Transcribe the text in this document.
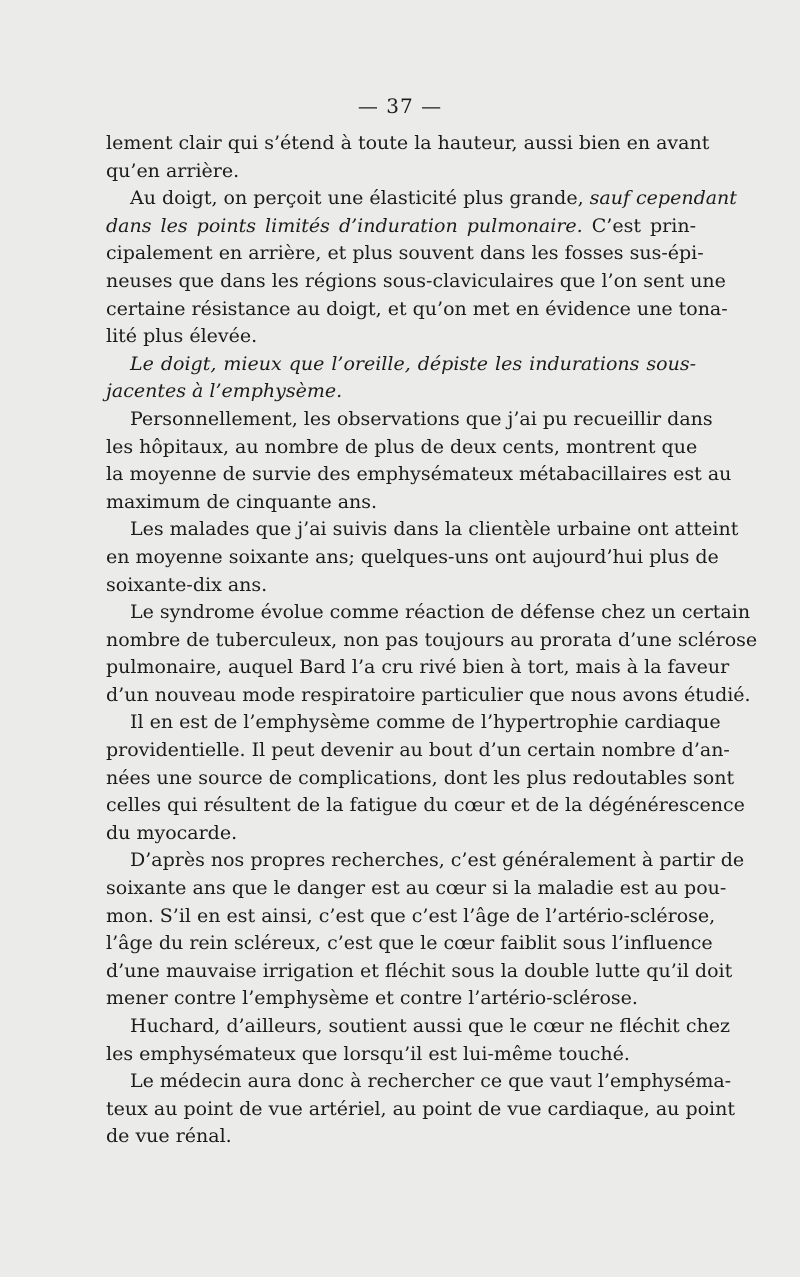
— 37 —
lement clair qui s’étend à toute la hauteur, aussi bien en avant
qu’en arrière.
Au doigt, on perçoit une élasticité plus grande, sauf cependant
dans les points limités d’induration pulmonaire. C’est prin-
cipalement en arrière, et plus souvent dans les fosses sus-épi-
neuses que dans les régions sous-claviculaires que l’on sent une
certaine résistance au doigt, et qu’on met en évidence une tona-
lité plus élevée.
Le doigt, mieux que l’oreille, dépiste les indurations sous-
jacentes à l’emphysème.
Personnellement, les observations que j’ai pu recueillir dans
les hôpitaux, au nombre de plus de deux cents, montrent que
la moyenne de survie des emphysémateux métabacillaires est au
maximum de cinquante ans.
Les malades que j’ai suivis dans la clientèle urbaine ont atteint
en moyenne soixante ans; quelques-uns ont aujourd’hui plus de
soixante-dix ans.
Le syndrome évolue comme réaction de défense chez un certain
nombre de tuberculeux, non pas toujours au prorata d’une sclérose
pulmonaire, auquel Bard l’a cru rivé bien à tort, mais à la faveur
d’un nouveau mode respiratoire particulier que nous avons étudié.
Il en est de l’emphysème comme de l’hypertrophie cardiaque
providentielle. Il peut devenir au bout d’un certain nombre d’an-
nées une source de complications, dont les plus redoutables sont
celles qui résultent de la fatigue du cœur et de la dégénérescence
du myocarde.
D’après nos propres recherches, c’est généralement à partir de
soixante ans que le danger est au cœur si la maladie est au pou-
mon. S’il en est ainsi, c’est que c’est l’âge de l’artério-sclérose,
l’âge du rein scléreux, c’est que le cœur faiblit sous l’influence
d’une mauvaise irrigation et fléchit sous la double lutte qu’il doit
mener contre l’emphysème et contre l’artério-sclérose.
Huchard, d’ailleurs, soutient aussi que le cœur ne fléchit chez
les emphysémateux que lorsqu’il est lui-même touché.
Le médecin aura donc à rechercher ce que vaut l’emphyséma-
teux au point de vue artériel, au point de vue cardiaque, au point
de vue rénal.
